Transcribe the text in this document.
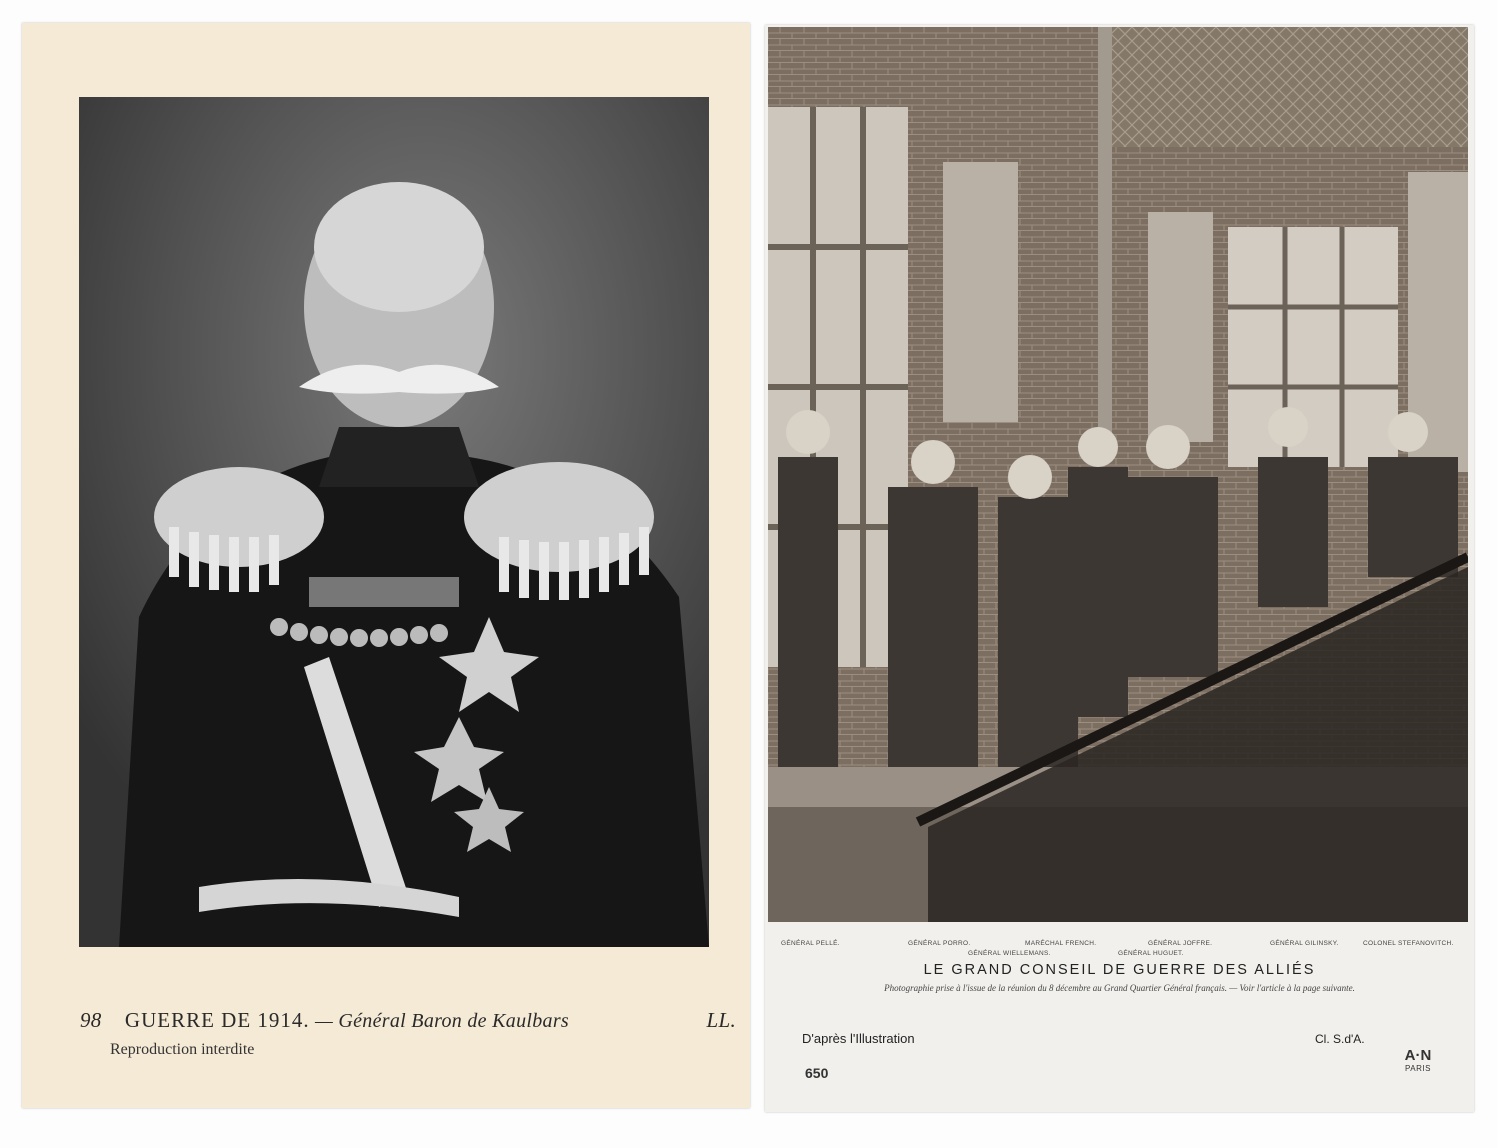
98 GUERRE DE 1914. — Général Baron de Kaulbars	LL.
Reproduction interdite
GÉNÉRAL PELLÉ.	GÉNÉRAL PORRO.	MARÉCHAL FRENCH.	GÉNÉRAL JOFFRE.	GÉNÉRAL GILINSKY.	COLONEL STEFANOVITCH.
GÉNÉRAL WIELLEMANS.	GÉNÉRAL HUGUET.
LE GRAND CONSEIL DE GUERRE DES ALLIÉS
Photographie prise à l'issue de la réunion du 8 décembre au Grand Quartier Général français. — Voir l'article à la page suivante.
D'après l'Illustration	Cl. S.d'A.
650
A·N
PARIS
